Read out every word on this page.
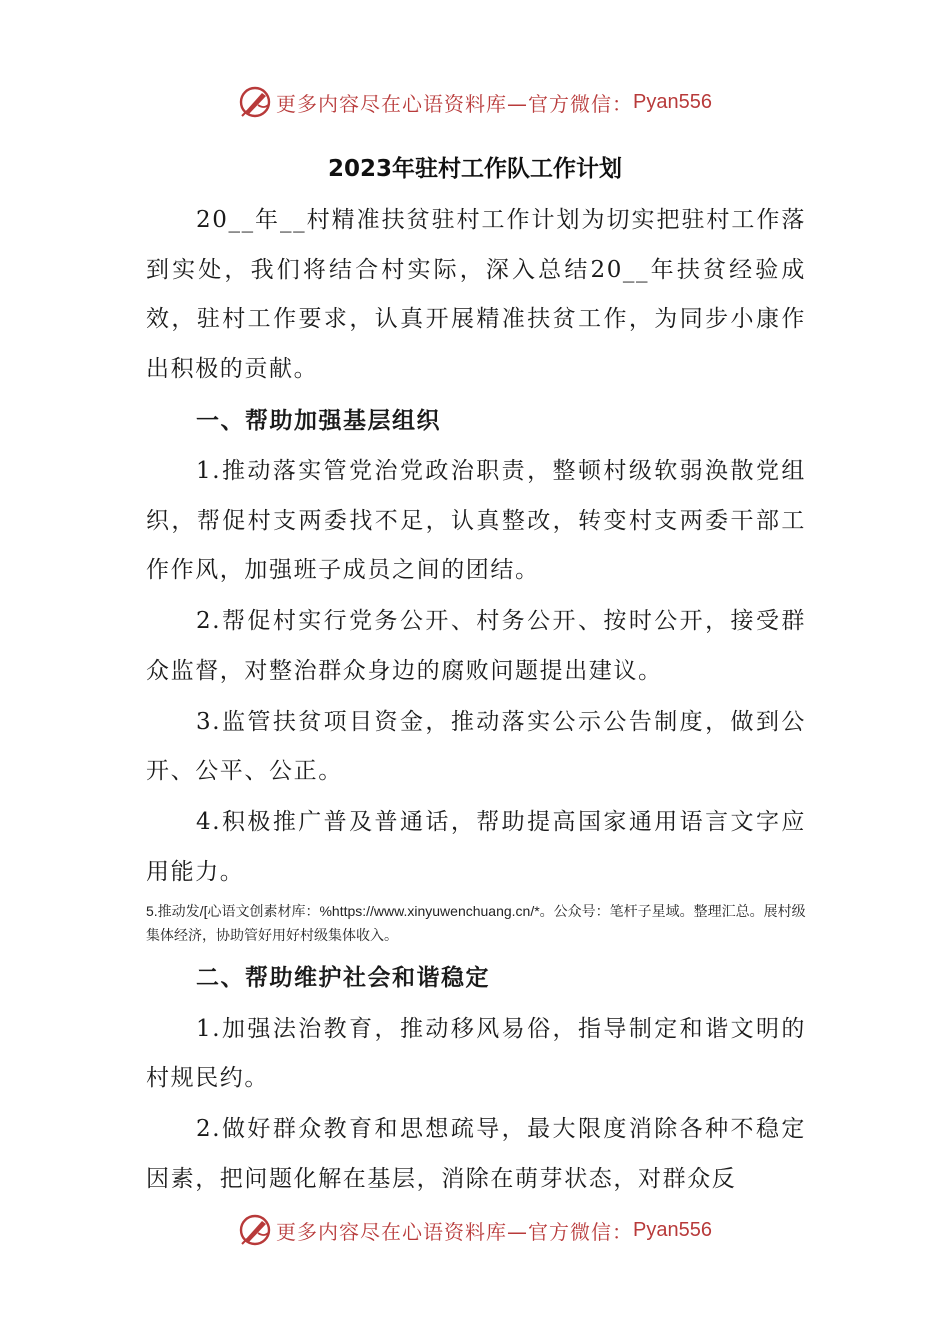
更多内容尽在心语资料库—官方微信： Pyan556
2023年驻村工作队工作计划

20__年__村精准扶贫驻村工作计划为切实把驻村工作落到实处，我们将结合村实际，深入总结20__年扶贫经验成效，驻村工作要求，认真开展精准扶贫工作，为同步小康作出积极的贡献。

一、帮助加强基层组织

1.推动落实管党治党政治职责，整顿村级软弱涣散党组织，帮促村支两委找不足，认真整改，转变村支两委干部工作作风，加强班子成员之间的团结。

2.帮促村实行党务公开、村务公开、按时公开，接受群众监督，对整治群众身边的腐败问题提出建议。

3.监管扶贫项目资金，推动落实公示公告制度，做到公开、公平、公正。

4.积极推广普及普通话，帮助提高国家通用语言文字应用能力。

5.推动发/[心语文创素材库：%https://www.xinyuwenchuang.cn/*。公众号：笔杆子星域。整理汇总。展村级集体经济，协助管好用好村级集体收入。

二、帮助维护社会和谐稳定

1.加强法治教育，推动移风易俗，指导制定和谐文明的村规民约。

2.做好群众教育和思想疏导，最大限度消除各种不稳定因素，把问题化解在基层，消除在萌芽状态，对群众反

更多内容尽在心语资料库—官方微信： Pyan556
